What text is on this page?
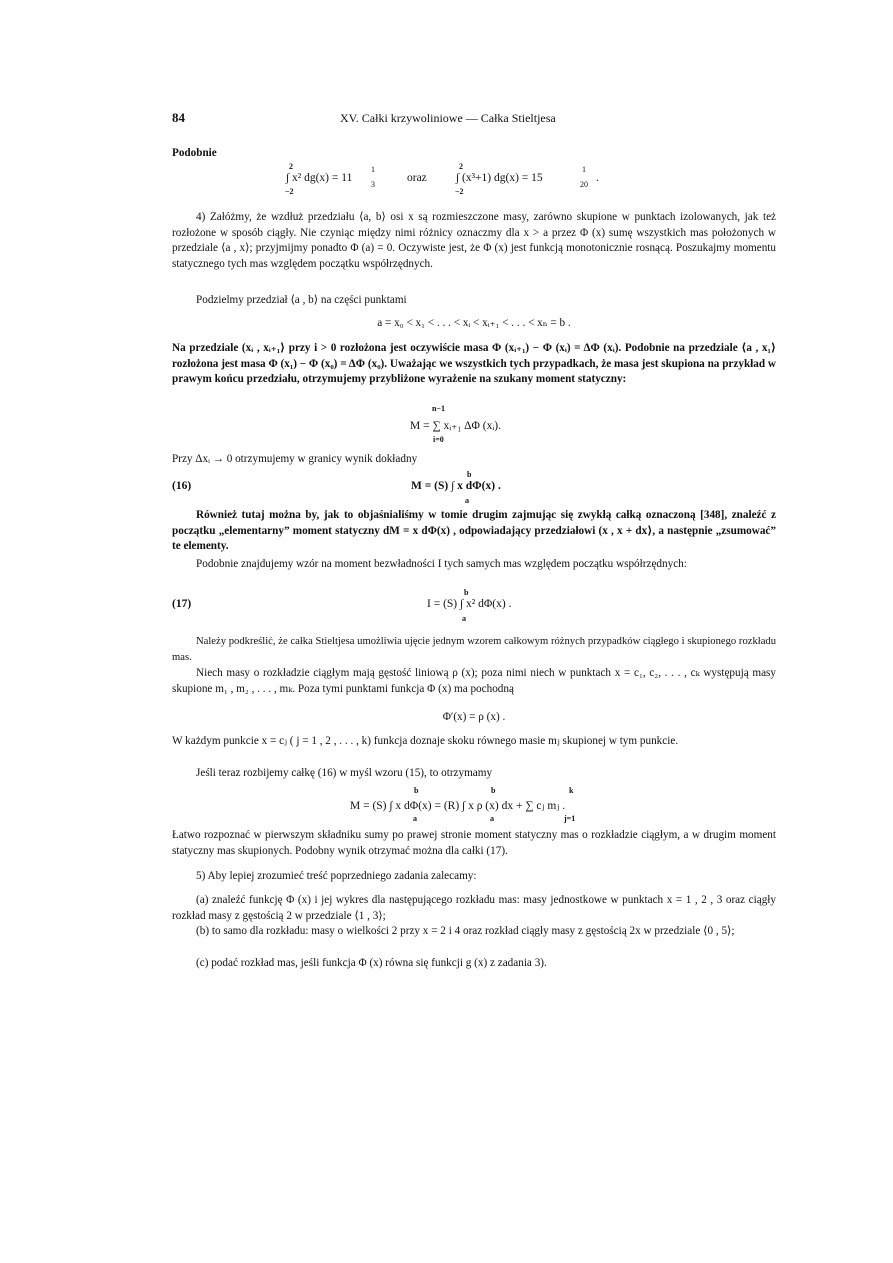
84	XV. Całki krzywoliniowe — Całka Stieltjesa
Podobnie
2
−2
∫ x² dg(x) = 11
1
3
oraz
2
−2
∫ (x³+1) dg(x) = 15
1
20
.
4) Załóżmy, że wzdłuż przedziału ⟨a, b⟩ osi x są rozmieszczone masy, zarówno skupione w punktach izolowanych, jak też rozłożone w sposób ciągły. Nie czyniąc między nimi różnicy oznaczmy dla x > a przez Φ (x) sumę wszystkich mas położonych w przedziale ⟨a , x⟩; przyjmijmy ponadto Φ (a) = 0. Oczywiste jest, że Φ (x) jest funkcją monotonicznie rosnącą. Poszukajmy momentu statycznego tych mas względem początku współrzędnych.
Podzielmy przedział ⟨a , b⟩ na części punktami
a = x₀ < x₁ < . . . < xᵢ < xᵢ₊₁ < . . . < xₙ = b .
Na przedziale (xᵢ , xᵢ₊₁⟩ przy i > 0 rozłożona jest oczywiście masa Φ (xᵢ₊₁) − Φ (xᵢ) = ΔΦ (xᵢ). Podobnie na przedziale ⟨a , x₁⟩ rozłożona jest masa Φ (x₁) − Φ (x₀) = ΔΦ (x₀). Uważając we wszystkich tych przypadkach, że masa jest skupiona na przykład w prawym końcu przedziału, otrzymujemy przybliżone wyrażenie na szukany moment statyczny:
n−1
M = ∑ xᵢ₊₁ ΔΦ (xᵢ).
i=0
Przy Δxᵢ → 0 otrzymujemy w granicy wynik dokładny
(16)
b
M = (S) ∫ x dΦ(x) .
a
Również tutaj można by, jak to objaśnialiśmy w tomie drugim zajmując się zwykłą całką oznaczoną [348], znaleźć z początku „elementarny” moment statyczny dM = x dΦ(x) , odpowiadający przedziałowi (x , x + dx⟩, a następnie „zsumować” te elementy.
Podobnie znajdujemy wzór na moment bezwładności I tych samych mas względem początku współrzędnych:
(17)
b
I = (S) ∫ x² dΦ(x) .
a
Należy podkreślić, że całka Stieltjesa umożliwia ujęcie jednym wzorem całkowym różnych przypadków ciągłego i skupionego rozkładu mas.
Niech masy o rozkładzie ciągłym mają gęstość liniową ρ (x); poza nimi niech w punktach x = c₁, c₂, . . . , cₖ występują masy skupione m₁ , m₂ , . . . , mₖ. Poza tymi punktami funkcja Φ (x) ma pochodną
Φ′(x) = ρ (x) .
W każdym punkcie x = cⱼ ( j = 1 , 2 , . . . , k) funkcja doznaje skoku równego masie mⱼ skupionej w tym punkcie.
Jeśli teraz rozbijemy całkę (16) w myśl wzoru (15), to otrzymamy
b	b	k
M = (S) ∫ x dΦ(x) = (R) ∫ x ρ (x) dx + ∑ cⱼ mⱼ .
a	a	j=1
Łatwo rozpoznać w pierwszym składniku sumy po prawej stronie moment statyczny mas o rozkładzie ciągłym, a w drugim moment statyczny mas skupionych. Podobny wynik otrzymać można dla całki (17).
5) Aby lepiej zrozumieć treść poprzedniego zadania zalecamy:
(a) znaleźć funkcję Φ (x) i jej wykres dla następującego rozkładu mas: masy jednostkowe w punktach x = 1 , 2 , 3 oraz ciągły rozkład masy z gęstością 2 w przedziale ⟨1 , 3⟩;
(b) to samo dla rozkładu: masy o wielkości 2 przy x = 2 i 4 oraz rozkład ciągły masy z gęstością 2x w przedziale ⟨0 , 5⟩;
(c) podać rozkład mas, jeśli funkcja Φ (x) równa się funkcji g (x) z zadania 3).
